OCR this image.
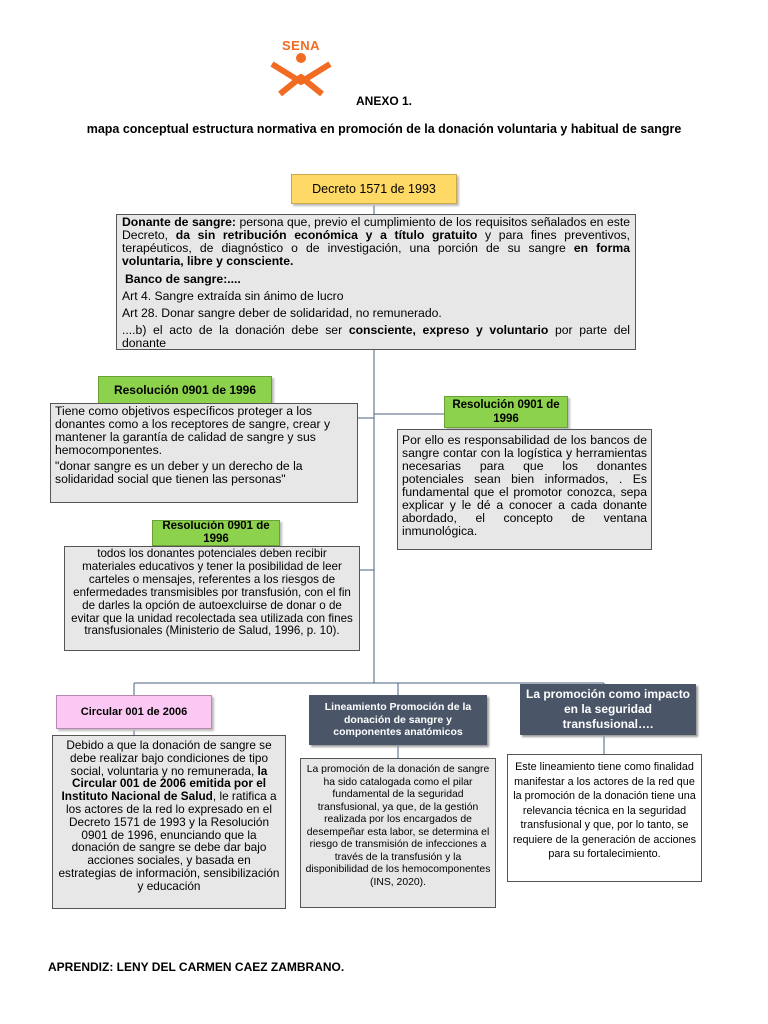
SENA
ANEXO 1.
mapa conceptual estructura normativa en promoción de la donación voluntaria y habitual de sangre
Decreto 1571 de 1993

Donante de sangre: persona que, previo el cumplimiento de los requisitos señalados en este Decreto, da sin retribución económica y a título gratuito y para fines preventivos, terapéuticos, de diagnóstico o de investigación, una porción de su sangre en forma voluntaria, libre y consciente.

Banco de sangre:....

Art 4. Sangre extraída sin ánimo de lucro

Art 28. Donar sangre deber de solidaridad, no remunerado.

....b) el acto de la donación debe ser consciente, expreso y voluntario por parte del donante

Resolución 0901 de 1996

Tiene como objetivos específicos proteger a los donantes como a los receptores de sangre, crear y mantener la garantía de calidad de sangre y sus hemocomponentes.

"donar sangre es un deber y un derecho de la solidaridad social que tienen las personas"

Resolución 0901 de 1996

Por ello es responsabilidad de los bancos de sangre contar con la logística y herramientas necesarias para que los donantes potenciales sean bien informados, . Es fundamental que el promotor conozca, sepa explicar y le dé a conocer a cada donante abordado, el concepto de ventana inmunológica.

Resolución 0901 de 1996

todos los donantes potenciales deben recibir materiales educativos y tener la posibilidad de leer carteles o mensajes, referentes a los riesgos de enfermedades transmisibles por transfusión, con el fin de darles la opción de autoexcluirse de donar o de evitar que la unidad recolectada sea utilizada con fines transfusionales (Ministerio de Salud, 1996, p. 10).

Circular 001 de 2006

Debido a que la donación de sangre se debe realizar bajo condiciones de tipo social, voluntaria y no remunerada, la Circular 001 de 2006 emitida por el Instituto Nacional de Salud, le ratifica a los actores de la red lo expresado en el Decreto 1571 de 1993 y la Resolución 0901 de 1996, enunciando que la donación de sangre se debe dar bajo acciones sociales, y basada en estrategias de información, sensibilización y educación

Lineamiento Promoción de la donación de sangre y componentes anatómicos

La promoción de la donación de sangre ha sido catalogada como el pilar fundamental de la seguridad transfusional, ya que, de la gestión realizada por los encargados de desempeñar esta labor, se determina el riesgo de transmisión de infecciones a través de la transfusión y la disponibilidad de los hemocomponentes (INS, 2020).

La promoción como impacto en la seguridad transfusional….

Este lineamiento tiene como finalidad manifestar a los actores de la red que la promoción de la donación tiene una relevancia técnica en la seguridad transfusional y que, por lo tanto, se requiere de la generación de acciones para su fortalecimiento.

APRENDIZ: LENY DEL CARMEN CAEZ ZAMBRANO.
